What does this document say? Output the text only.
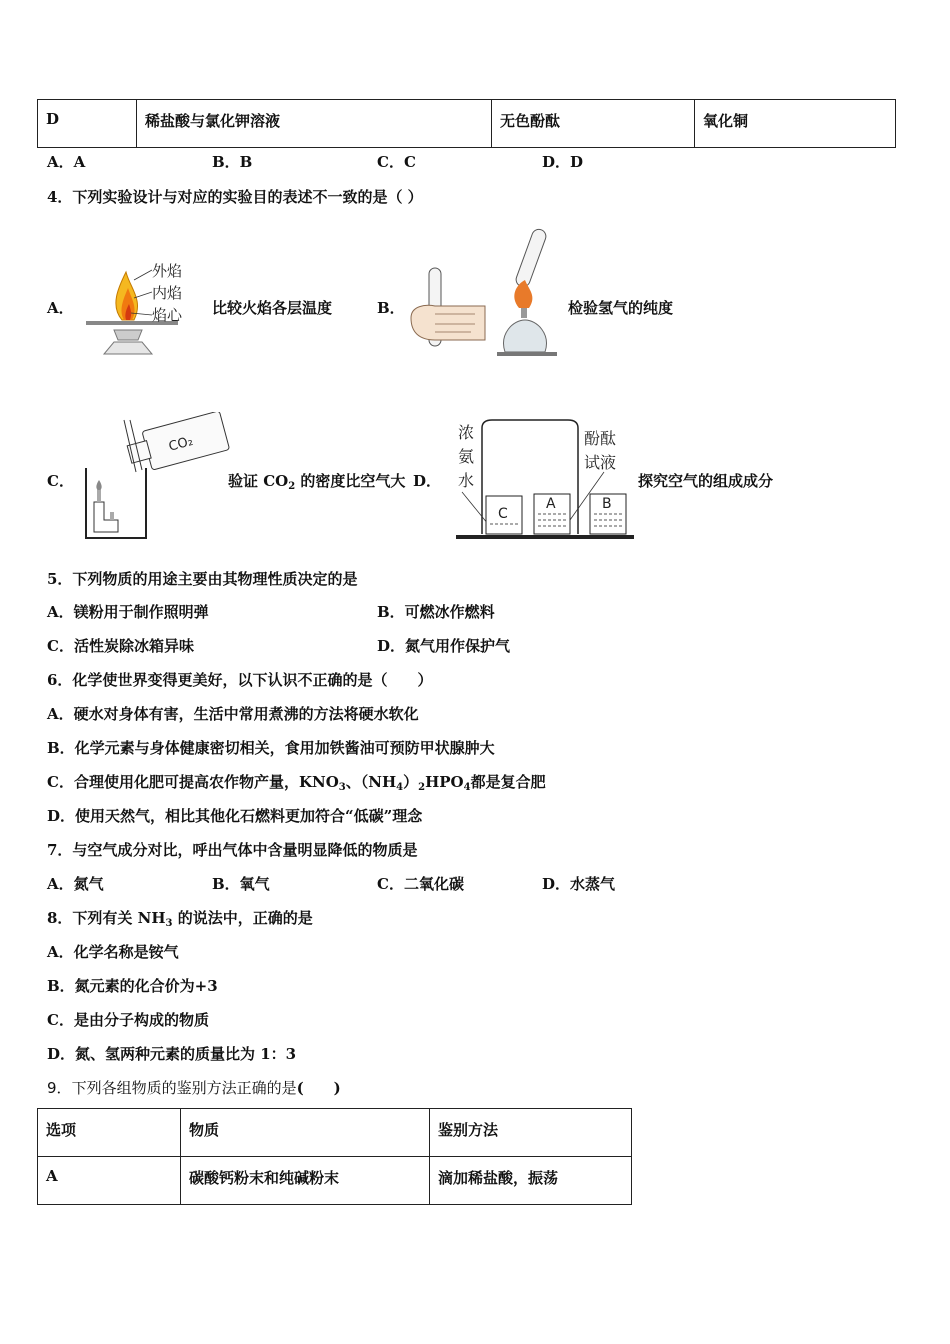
D	稀盐酸与氯化钾溶液	无色酚酞	氧化铜
A．A	B．B	C．C	D．D
4．下列实验设计与对应的实验目的表述不一致的是（ ）
A．
外焰
内焰
焰心 比较火焰各层温度	B．	检验氢气的纯度
C．
CO₂
验证 $CO_2$ 的密度比空气大 D．
浓
氨
水
酚酞
试液
C
A	B
探究空气的组成成分
5．下列物质的用途主要由其物理性质决定的是
A．镁粉用于制作照明弹	B．可燃冰作燃料
C．活性炭除冰箱异味	D．氮气用作保护气
6．化学使世界变得更美好，以下认识不正确的是（　　）
A．硬水对身体有害，生活中常用煮沸的方法将硬水软化
B．化学元素与身体健康密切相关，食用加铁酱油可预防甲状腺肿大
C．合理使用化肥可提高农作物产量，$KNO_3$、$(NH_4)_2HPO_4$都是复合肥
D．使用天然气，相比其他化石燃料更加符合“低碳”理念
7．与空气成分对比，呼出气体中含量明显降低的物质是
A．氮气	B．氧气	C．二氧化碳	D．水蒸气
8．下列有关 $NH_3$ 的说法中，正确的是
A．化学名称是铵气
B．氮元素的化合价为+3
C．是由分子构成的物质
D．氮、氢两种元素的质量比为 1：3
9．下列各组物质的鉴别方法正确的是(　　)
选项	物质	鉴别方法
A	碳酸钙粉末和纯碱粉末	滴加稀盐酸，振荡
